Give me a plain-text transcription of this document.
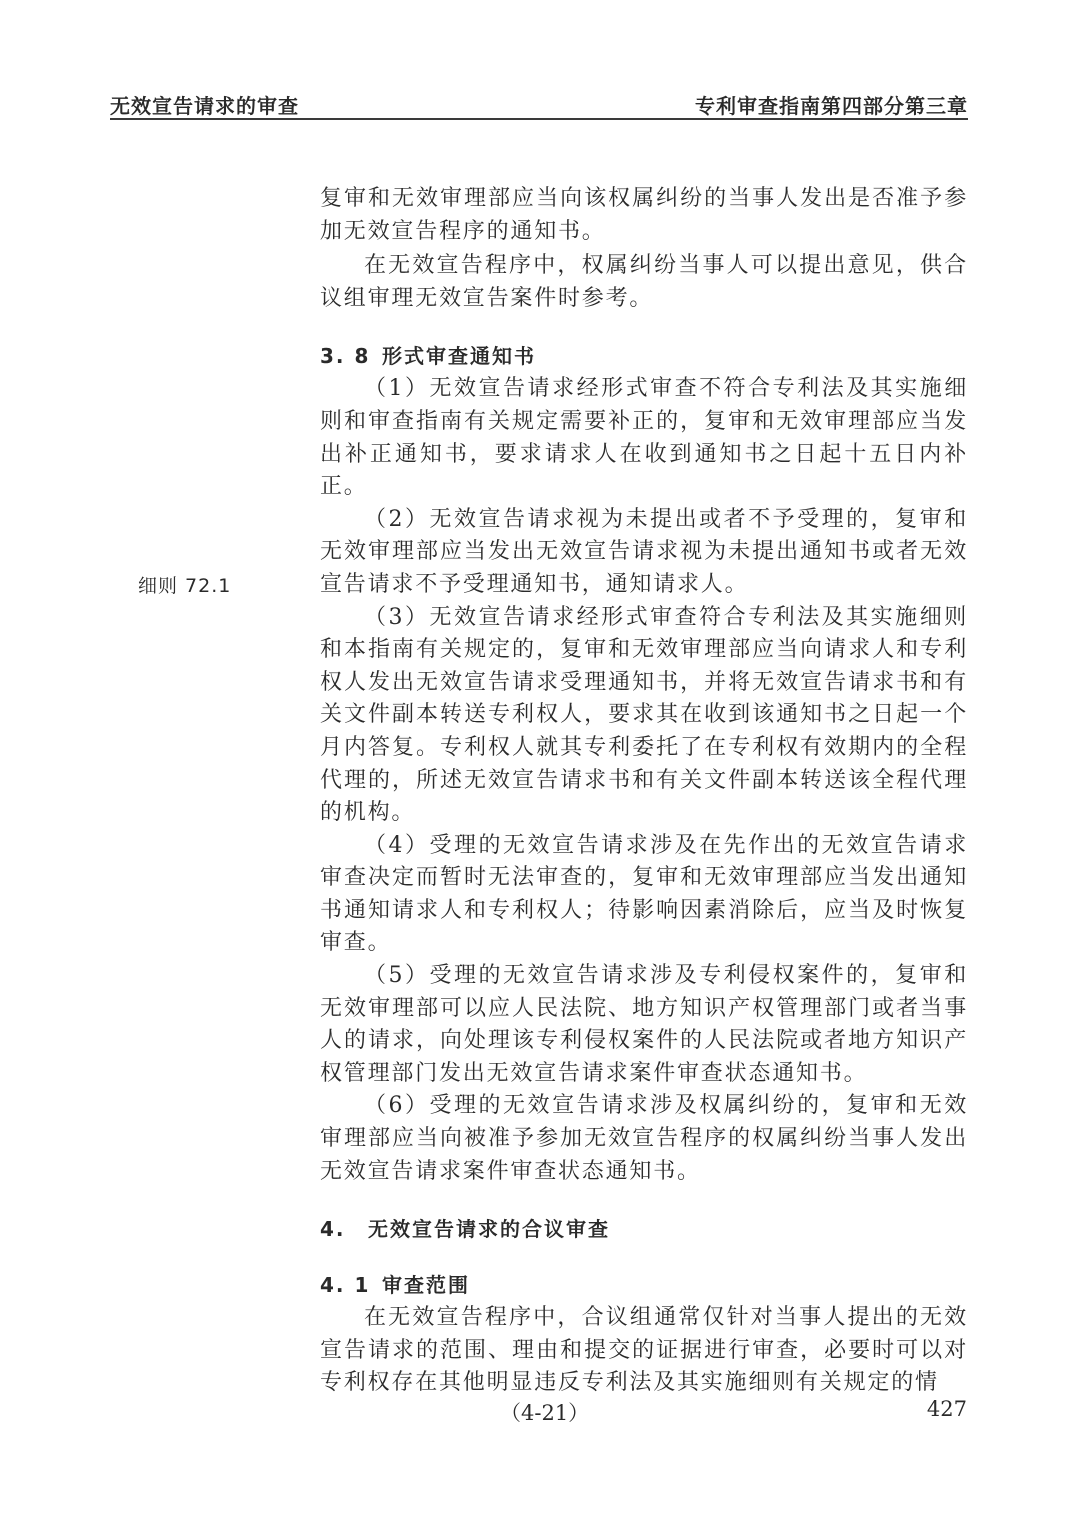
无效宣告请求的审查	专利审查指南第四部分第三章
细则 72.1

复审和无效审理部应当向该权属纠纷的当事人发出是否准予参加无效宣告程序的通知书。

在无效宣告程序中，权属纠纷当事人可以提出意见，供合议组审理无效宣告案件时参考。

3. 8 形式审查通知书

（1）无效宣告请求经形式审查不符合专利法及其实施细则和审查指南有关规定需要补正的，复审和无效审理部应当发出补正通知书，要求请求人在收到通知书之日起十五日内补正。

（2）无效宣告请求视为未提出或者不予受理的，复审和无效审理部应当发出无效宣告请求视为未提出通知书或者无效宣告请求不予受理通知书，通知请求人。

（3）无效宣告请求经形式审查符合专利法及其实施细则和本指南有关规定的，复审和无效审理部应当向请求人和专利权人发出无效宣告请求受理通知书，并将无效宣告请求书和有关文件副本转送专利权人，要求其在收到该通知书之日起一个月内答复。专利权人就其专利委托了在专利权有效期内的全程代理的，所述无效宣告请求书和有关文件副本转送该全程代理的机构。

（4）受理的无效宣告请求涉及在先作出的无效宣告请求审查决定而暂时无法审查的，复审和无效审理部应当发出通知书通知请求人和专利权人；待影响因素消除后，应当及时恢复审查。

（5）受理的无效宣告请求涉及专利侵权案件的，复审和无效审理部可以应人民法院、地方知识产权管理部门或者当事人的请求，向处理该专利侵权案件的人民法院或者地方知识产权管理部门发出无效宣告请求案件审查状态通知书。

（6）受理的无效宣告请求涉及权属纠纷的，复审和无效审理部应当向被准予参加无效宣告程序的权属纠纷当事人发出无效宣告请求案件审查状态通知书。

4. 无效宣告请求的合议审查
4. 1 审查范围

在无效宣告程序中，合议组通常仅针对当事人提出的无效宣告请求的范围、理由和提交的证据进行审查，必要时可以对专利权存在其他明显违反专利法及其实施细则有关规定的情

（4-21）	427
